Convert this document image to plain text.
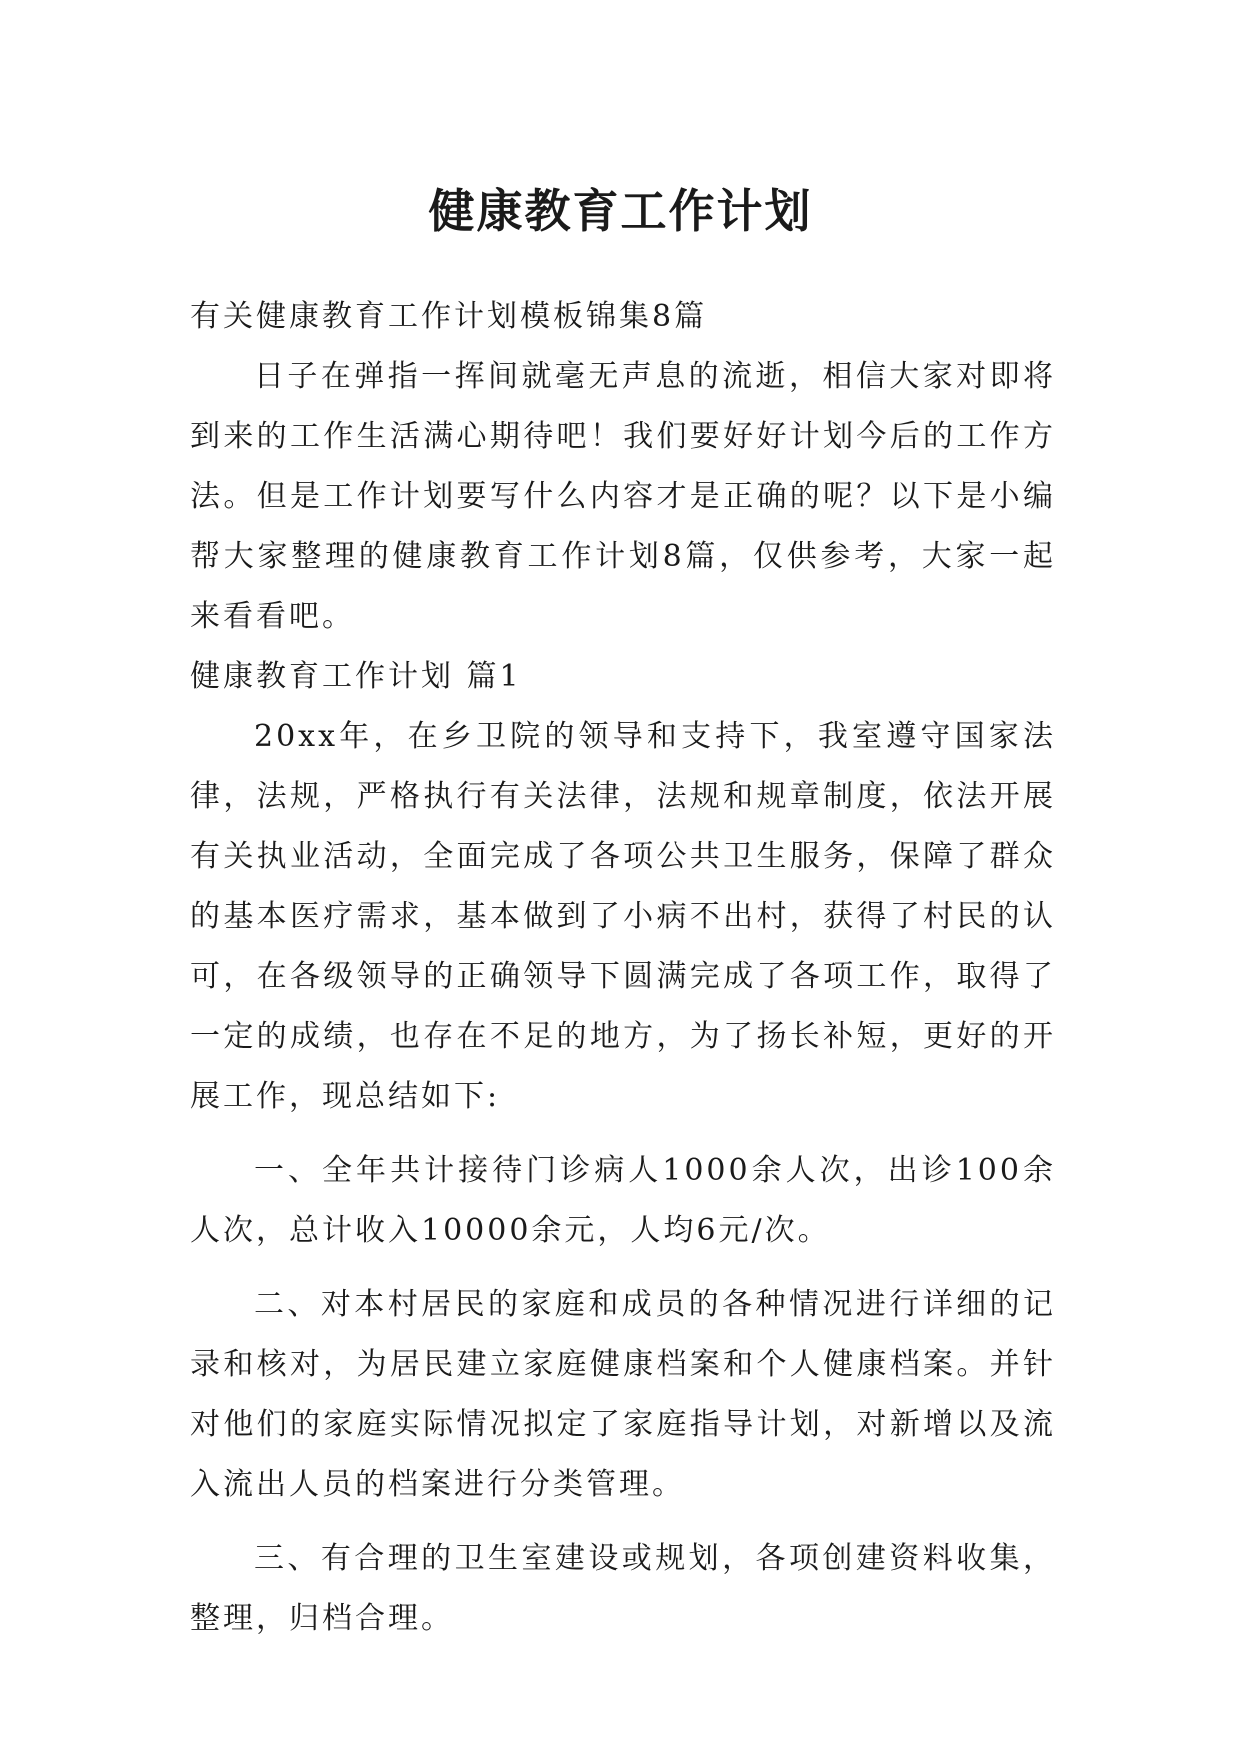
健康教育工作计划

有关健康教育工作计划模板锦集8篇

日子在弹指一挥间就毫无声息的流逝，相信大家对即将到来的工作生活满心期待吧！我们要好好计划今后的工作方法。但是工作计划要写什么内容才是正确的呢？以下是小编帮大家整理的健康教育工作计划8篇，仅供参考，大家一起来看看吧。

健康教育工作计划 篇1

20xx年，在乡卫院的领导和支持下，我室遵守国家法律，法规，严格执行有关法律，法规和规章制度，依法开展有关执业活动，全面完成了各项公共卫生服务，保障了群众的基本医疗需求，基本做到了小病不出村，获得了村民的认可，在各级领导的正确领导下圆满完成了各项工作，取得了一定的成绩，也存在不足的地方，为了扬长补短，更好的开展工作，现总结如下:

一、全年共计接待门诊病人1000余人次，出诊100余人次，总计收入10000余元，人均6元/次。

二、对本村居民的家庭和成员的各种情况进行详细的记录和核对，为居民建立家庭健康档案和个人健康档案。并针对他们的家庭实际情况拟定了家庭指导计划，对新增以及流入流出人员的档案进行分类管理。

三、有合理的卫生室建设或规划，各项创建资料收集，整理，归档合理。
